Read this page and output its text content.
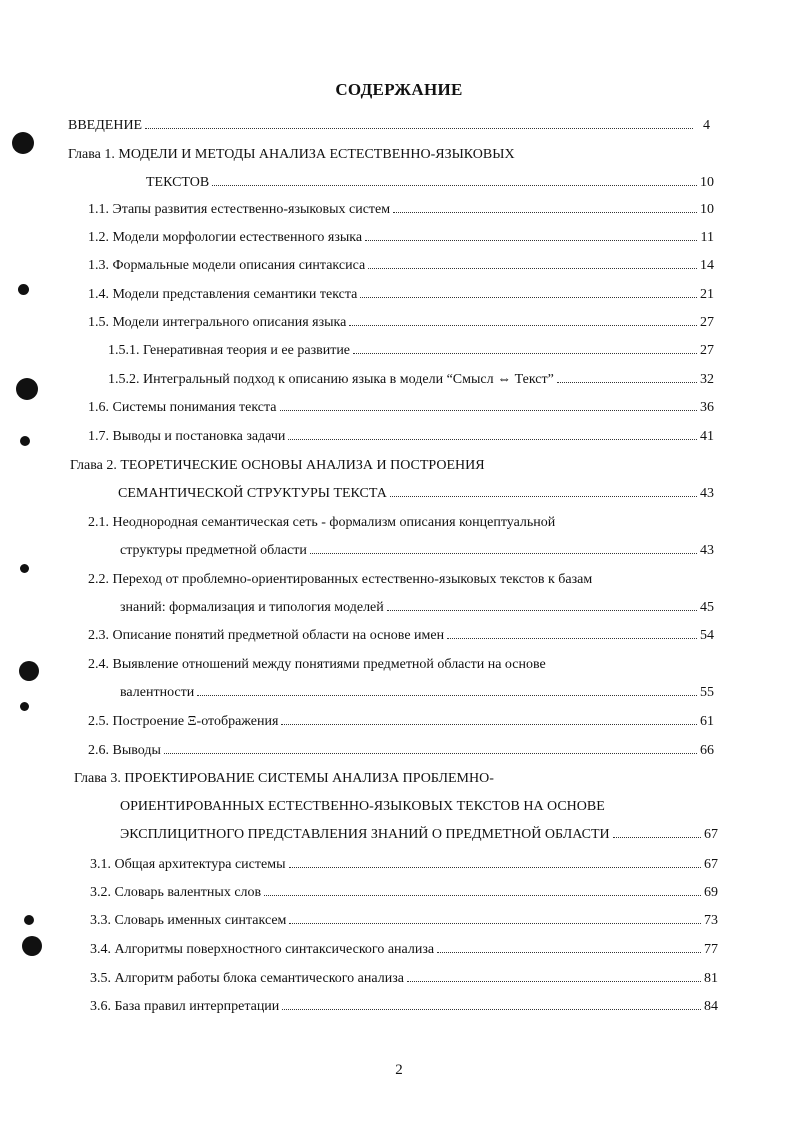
СОДЕРЖАНИЕ
ВВЕДЕНИЕ	4
Глава 1. МОДЕЛИ И МЕТОДЫ АНАЛИЗА ЕСТЕСТВЕННО-ЯЗЫКОВЫХ
ТЕКСТОВ	10
1.1. Этапы развития естественно-языковых систем	10
1.2. Модели морфологии естественного языка	11
1.3. Формальные модели описания синтаксиса	14
1.4. Модели представления семантики текста	21
1.5. Модели интегрального описания языка	27
1.5.1. Генеративная теория и ее развитие	27
1.5.2. Интегральный подход к описанию языка в модели “Смысл ⇔ Текст”	32
1.6. Системы понимания текста	36
1.7. Выводы и постановка задачи	41
Глава 2. ТЕОРЕТИЧЕСКИЕ ОСНОВЫ АНАЛИЗА И ПОСТРОЕНИЯ
СЕМАНТИЧЕСКОЙ СТРУКТУРЫ ТЕКСТА	43
2.1. Неоднородная семантическая сеть - формализм описания концептуальной
структуры предметной области	43
2.2. Переход от проблемно-ориентированных естественно-языковых текстов к базам
знаний: формализация и типология моделей	45
2.3. Описание понятий предметной области на основе имен	54
2.4. Выявление отношений между понятиями предметной области на основе
валентности	55
2.5. Построение Ξ-отображения	61
2.6. Выводы	66
Глава 3. ПРОЕКТИРОВАНИЕ СИСТЕМЫ АНАЛИЗА ПРОБЛЕМНО-
ОРИЕНТИРОВАННЫХ ЕСТЕСТВЕННО-ЯЗЫКОВЫХ ТЕКСТОВ НА ОСНОВЕ
ЭКСПЛИЦИТНОГО ПРЕДСТАВЛЕНИЯ ЗНАНИЙ О ПРЕДМЕТНОЙ ОБЛАСТИ	67
3.1. Общая архитектура системы	67
3.2. Словарь валентных слов	69
3.3. Словарь именных синтаксем	73
3.4. Алгоритмы поверхностного синтаксического анализа	77
3.5. Алгоритм работы блока семантического анализа	81
3.6. База правил интерпретации	84
2
